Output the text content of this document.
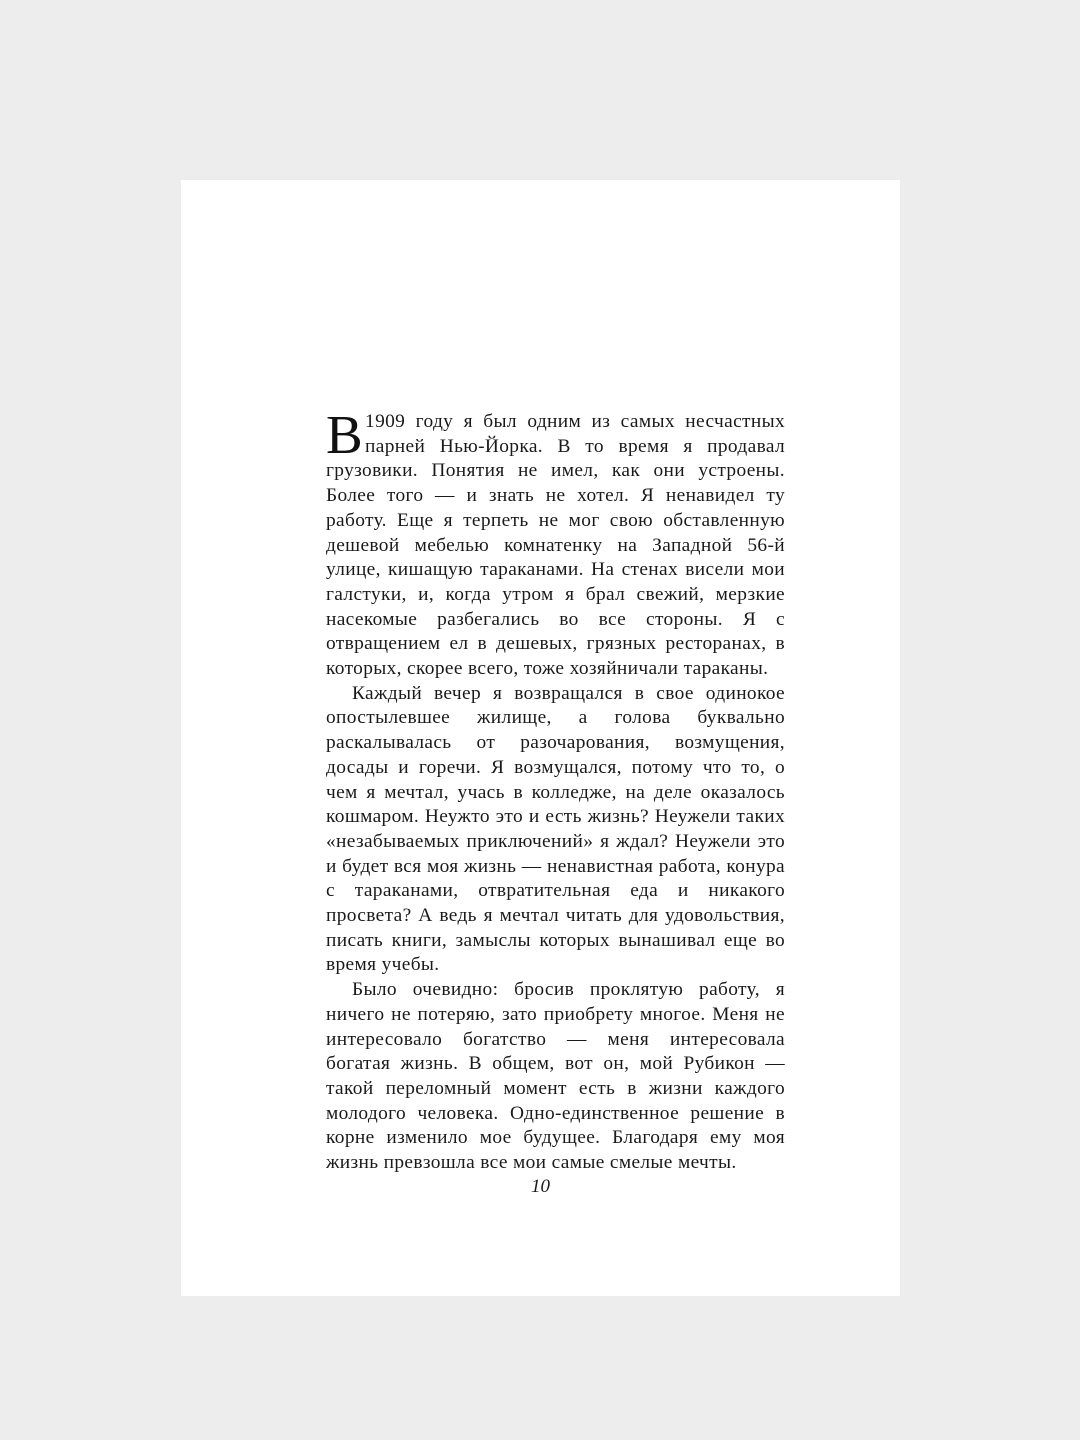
В 1909 году я был одним из самых несчастных парней Нью-Йорка. В то время я продавал грузовики. Понятия не имел, как они устроены. Более того — и знать не хотел. Я ненавидел ту работу. Еще я терпеть не мог свою обставленную дешевой мебелью комнатенку на Западной 56-й улице, кишащую тараканами. На стенах висели мои галстуки, и, когда утром я брал свежий, мерзкие насекомые разбегались во все стороны. Я с отвращением ел в дешевых, грязных ресторанах, в которых, скорее всего, тоже хозяйничали тараканы.

Каждый вечер я возвращался в свое одинокое опостылевшее жилище, а голова буквально раскалывалась от разочарования, возмущения, досады и горечи. Я возмущался, потому что то, о чем я мечтал, учась в колледже, на деле оказалось кошмаром. Неужто это и есть жизнь? Неужели таких «незабываемых приключений» я ждал? Неужели это и будет вся моя жизнь — ненавистная работа, конура с тараканами, отвратительная еда и никакого просвета? А ведь я мечтал читать для удовольствия, писать книги, замыслы которых вынашивал еще во время учебы.

Было очевидно: бросив проклятую работу, я ничего не потеряю, зато приобрету многое. Меня не интересовало богатство — меня интересовала богатая жизнь. В общем, вот он, мой Рубикон — такой переломный момент есть в жизни каждого молодого человека. Одно-единственное решение в корне изменило мое будущее. Благодаря ему моя жизнь превзошла все мои самые смелые мечты.

10
